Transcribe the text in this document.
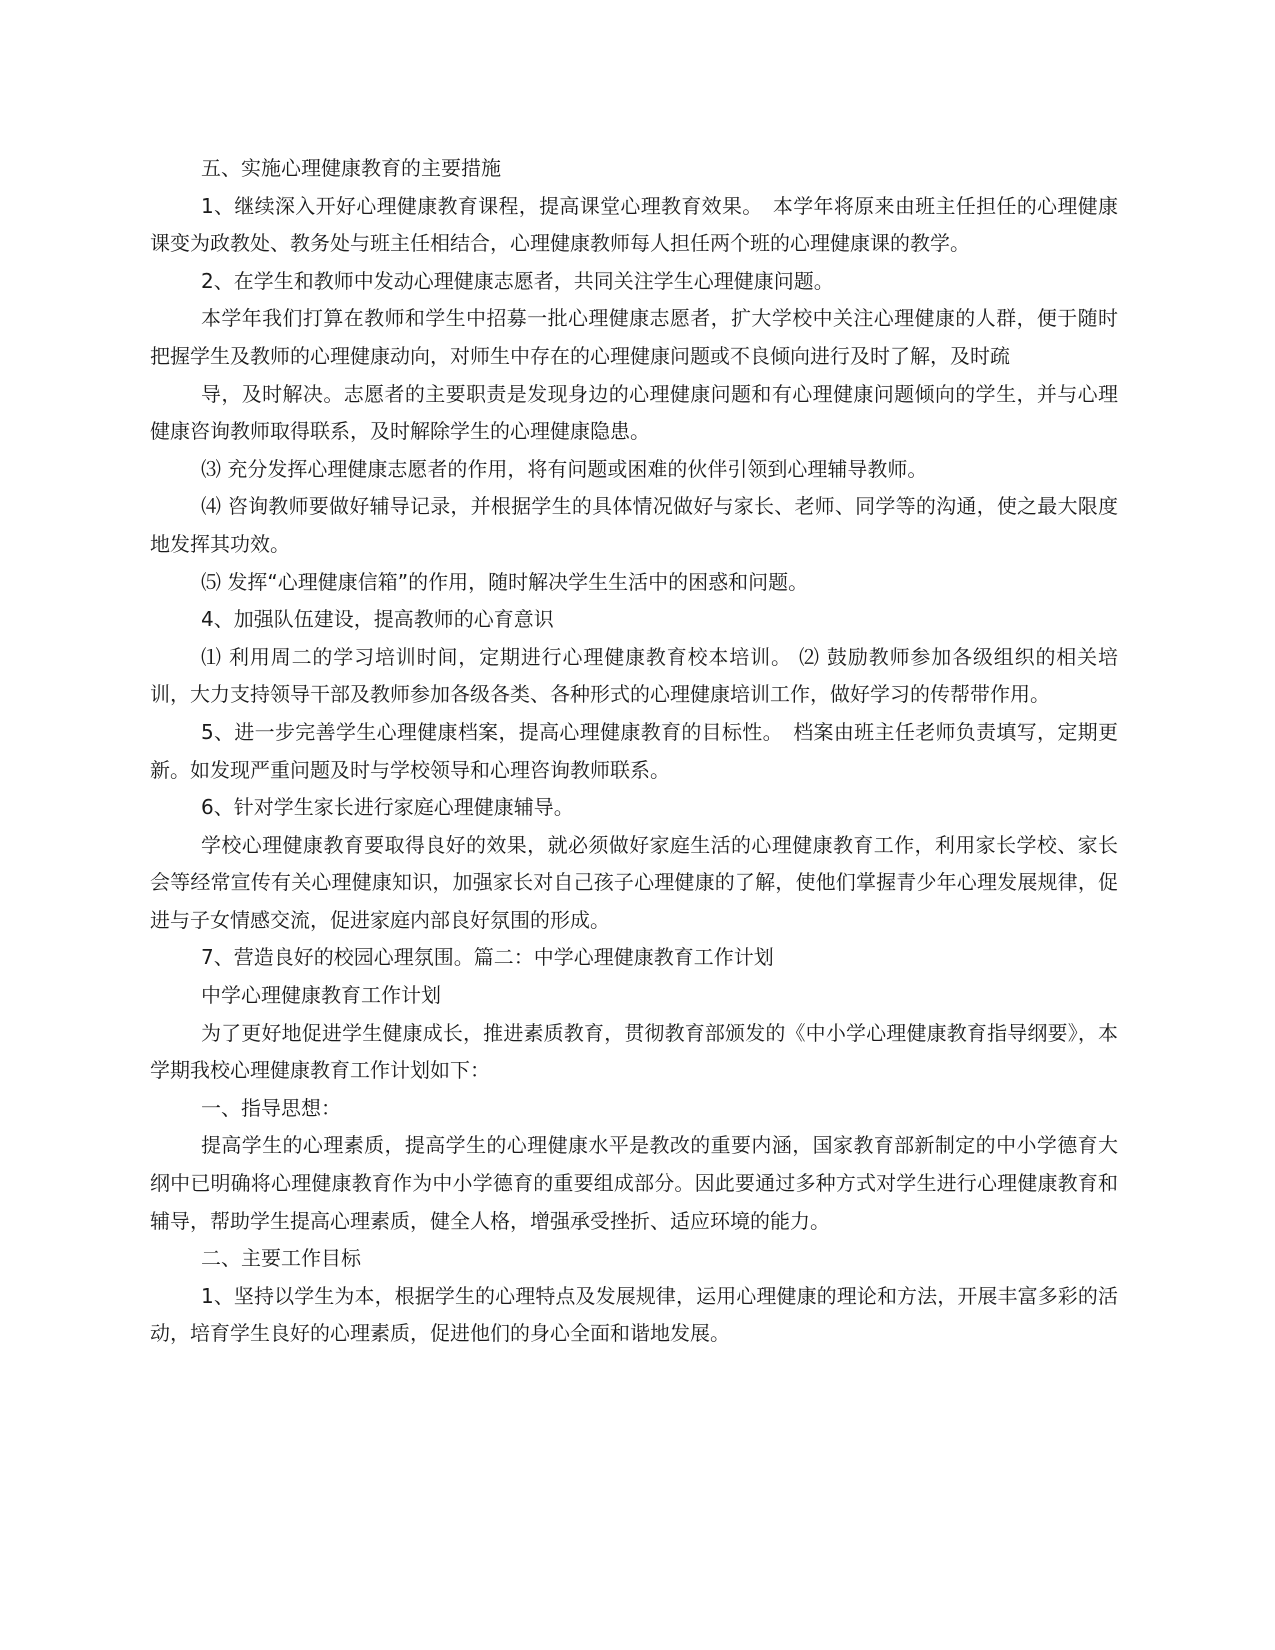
五、实施心理健康教育的主要措施

1、继续深入开好心理健康教育课程，提高课堂心理教育效果。　本学年将原来由班主任担任的心理健康课变为政教处、教务处与班主任相结合，心理健康教师每人担任两个班的心理健康课的教学。

2、在学生和教师中发动心理健康志愿者，共同关注学生心理健康问题。

本学年我们打算在教师和学生中招募一批心理健康志愿者，扩大学校中关注心理健康的人群，便于随时把握学生及教师的心理健康动向，对师生中存在的心理健康问题或不良倾向进行及时了解，及时疏

导，及时解决。志愿者的主要职责是发现身边的心理健康问题和有心理健康问题倾向的学生，并与心理健康咨询教师取得联系，及时解除学生的心理健康隐患。

⑶ 充分发挥心理健康志愿者的作用，将有问题或困难的伙伴引领到心理辅导教师。

⑷ 咨询教师要做好辅导记录，并根据学生的具体情况做好与家长、老师、同学等的沟通，使之最大限度地发挥其功效。

⑸ 发挥“心理健康信箱”的作用，随时解决学生生活中的困惑和问题。

4、加强队伍建设，提高教师的心育意识

⑴ 利用周二的学习培训时间，定期进行心理健康教育校本培训。 ⑵ 鼓励教师参加各级组织的相关培训，大力支持领导干部及教师参加各级各类、各种形式的心理健康培训工作，做好学习的传帮带作用。

5、进一步完善学生心理健康档案，提高心理健康教育的目标性。　档案由班主任老师负责填写，定期更新。如发现严重问题及时与学校领导和心理咨询教师联系。

6、针对学生家长进行家庭心理健康辅导。

学校心理健康教育要取得良好的效果，就必须做好家庭生活的心理健康教育工作，利用家长学校、家长会等经常宣传有关心理健康知识，加强家长对自己孩子心理健康的了解，使他们掌握青少年心理发展规律，促进与子女情感交流，促进家庭内部良好氛围的形成。

7、营造良好的校园心理氛围。篇二：中学心理健康教育工作计划

中学心理健康教育工作计划

为了更好地促进学生健康成长，推进素质教育，贯彻教育部颁发的《中小学心理健康教育指导纲要》，本学期我校心理健康教育工作计划如下：

一、指导思想：

提高学生的心理素质，提高学生的心理健康水平是教改的重要内涵，国家教育部新制定的中小学德育大纲中已明确将心理健康教育作为中小学德育的重要组成部分。因此要通过多种方式对学生进行心理健康教育和辅导，帮助学生提高心理素质，健全人格，增强承受挫折、适应环境的能力。

二、主要工作目标

1、坚持以学生为本，根据学生的心理特点及发展规律，运用心理健康的理论和方法，开展丰富多彩的活动，培育学生良好的心理素质，促进他们的身心全面和谐地发展。
